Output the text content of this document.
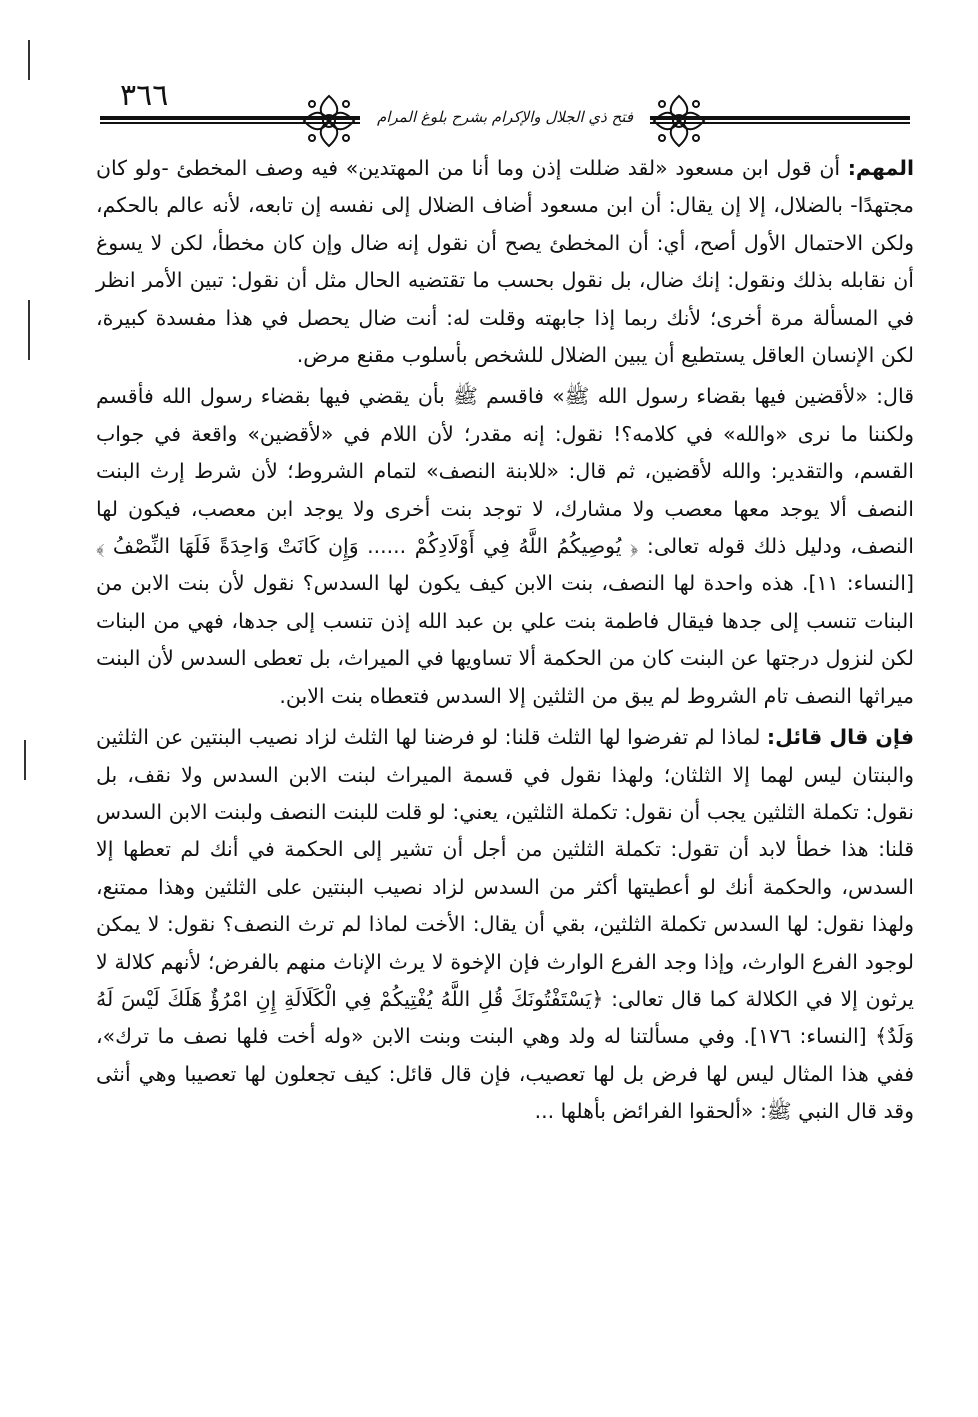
٣٦٦
فتح ذي الجلال والإكرام بشرح بلوغ المرام

المهم: أن قول ابن مسعود «لقد ضللت إذن وما أنا من المهتدين» فيه وصف المخطئ -ولو كان مجتهدًا- بالضلال، إلا إن يقال: أن ابن مسعود أضاف الضلال إلى نفسه إن تابعه، لأنه عالم بالحكم، ولكن الاحتمال الأول أصح، أي: أن المخطئ يصح أن نقول إنه ضال وإن كان مخطأ، لكن لا يسوغ أن نقابله بذلك ونقول: إنك ضال، بل نقول بحسب ما تقتضيه الحال مثل أن نقول: تبين الأمر انظر في المسألة مرة أخرى؛ لأنك ربما إذا جابهته وقلت له: أنت ضال يحصل في هذا مفسدة كبيرة، لكن الإنسان العاقل يستطيع أن يبين الضلال للشخص بأسلوب مقنع مرض.

قال: «لأقضين فيها بقضاء رسول الله ﷺ» فاقسم ﷺ بأن يقضي فيها بقضاء رسول الله فأقسم ولكننا ما نرى «والله» في كلامه؟! نقول: إنه مقدر؛ لأن اللام في «لأقضين» واقعة في جواب القسم، والتقدير: والله لأقضين، ثم قال: «للابنة النصف» لتمام الشروط؛ لأن شرط إرث البنت النصف ألا يوجد معها معصب ولا مشارك، لا توجد بنت أخرى ولا يوجد ابن معصب، فيكون لها النصف، ودليل ذلك قوله تعالى: ﴿ يُوصِيكُمُ اللَّهُ فِي أَوْلَادِكُمْ ...... وَإِن كَانَتْ وَاحِدَةً فَلَهَا النِّصْفُ ﴾ [النساء: ١١]. هذه واحدة لها النصف، بنت الابن كيف يكون لها السدس؟ نقول لأن بنت الابن من البنات تنسب إلى جدها فيقال فاطمة بنت علي بن عبد الله إذن تنسب إلى جدها، فهي من البنات لكن لنزول درجتها عن البنت كان من الحكمة ألا تساويها في الميراث، بل تعطى السدس لأن البنت ميراثها النصف تام الشروط لم يبق من الثلثين إلا السدس فتعطاه بنت الابن.

فإن قال قائل: لماذا لم تفرضوا لها الثلث قلنا: لو فرضنا لها الثلث لزاد نصيب البنتين عن الثلثين والبنتان ليس لهما إلا الثلثان؛ ولهذا نقول في قسمة الميراث لبنت الابن السدس ولا نقف، بل نقول: تكملة الثلثين يجب أن نقول: تكملة الثلثين، يعني: لو قلت للبنت النصف ولبنت الابن السدس قلنا: هذا خطأ لابد أن تقول: تكملة الثلثين من أجل أن تشير إلى الحكمة في أنك لم تعطها إلا السدس، والحكمة أنك لو أعطيتها أكثر من السدس لزاد نصيب البنتين على الثلثين وهذا ممتنع، ولهذا نقول: لها السدس تكملة الثلثين، بقي أن يقال: الأخت لماذا لم ترث النصف؟ نقول: لا يمكن لوجود الفرع الوارث، وإذا وجد الفرع الوارث فإن الإخوة لا يرث الإناث منهم بالفرض؛ لأنهم كلالة لا يرثون إلا في الكلالة كما قال تعالى: ﴿يَسْتَفْتُونَكَ قُلِ اللَّهُ يُفْتِيكُمْ فِي الْكَلَالَةِ إِنِ امْرُؤٌ هَلَكَ لَيْسَ لَهُ وَلَدٌ﴾ [النساء: ١٧٦]. وفي مسألتنا له ولد وهي البنت وبنت الابن «وله أخت فلها نصف ما ترك»، ففي هذا المثال ليس لها فرض بل لها تعصيب، فإن قال قائل: كيف تجعلون لها تعصيبا وهي أنثى وقد قال النبي ﷺ: «ألحقوا الفرائض بأهلها ...
